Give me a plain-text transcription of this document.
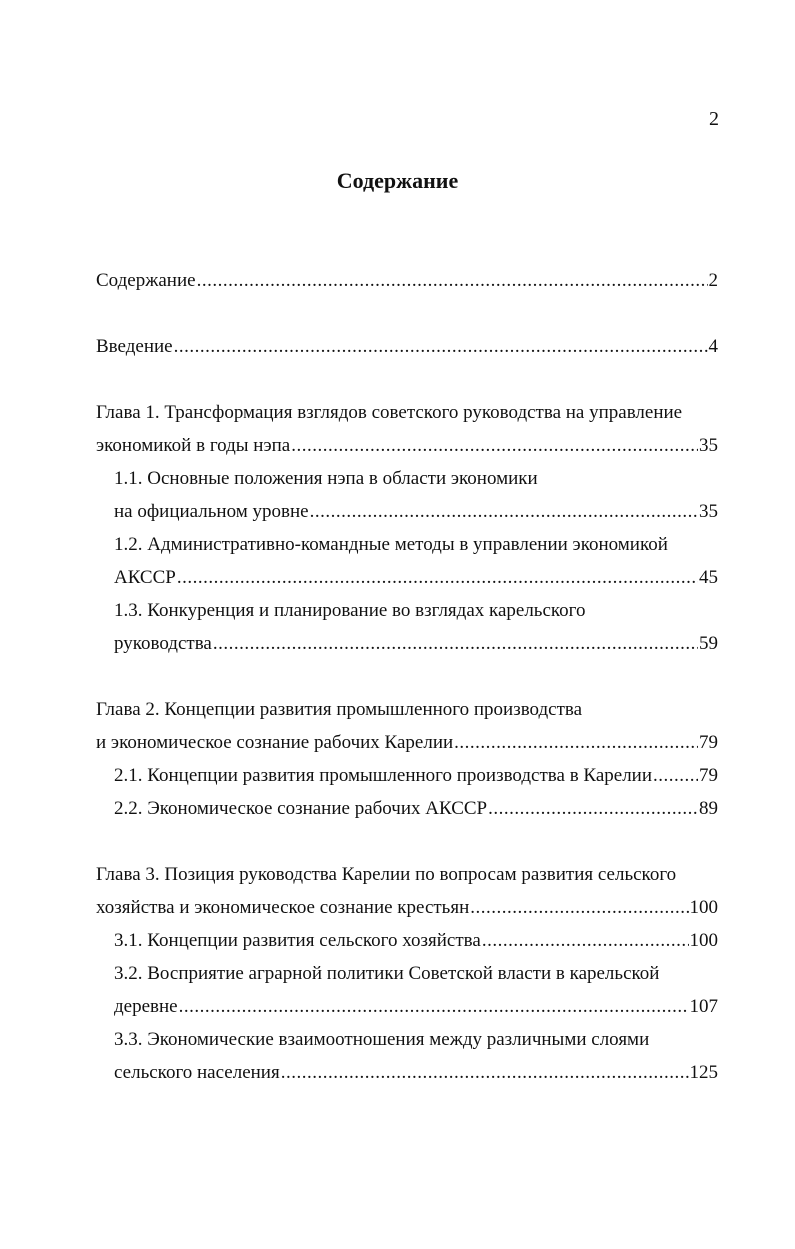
2
Содержание
Содержание .....	2
Введение .....	4
Глава 1. Трансформация взглядов советского руководства на управление
экономикой в годы нэпа .....	35
1.1. Основные положения нэпа в области экономики
на официальном уровне .....	35
1.2. Административно-командные методы в управлении экономикой
АКССР .....	45
1.3. Конкуренция и планирование во взглядах карельского
руководства .....	59
Глава 2. Концепции развития промышленного производства
и экономическое сознание рабочих Карелии .....	79
2.1. Концепции развития промышленного производства в Карелии ..... 79
2.2. Экономическое сознание рабочих АКССР .....	89
Глава 3. Позиция руководства Карелии по вопросам развития сельского
хозяйства и экономическое сознание крестьян .....	100
3.1. Концепции развития сельского хозяйства .....	100
3.2. Восприятие аграрной политики Советской власти в карельской
деревне .....	107
3.3. Экономические взаимоотношения между различными слоями
сельского населения .....	125
